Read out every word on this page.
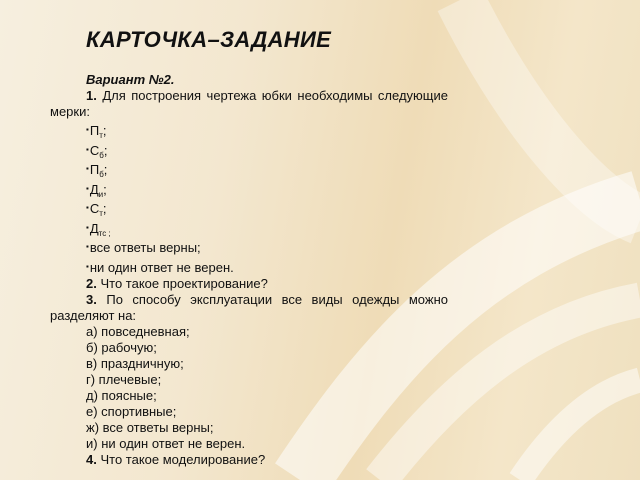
КАРТОЧКА–ЗАДАНИЕ

Вариант №2.

1. Для построения чертежа юбки необходимы следующие мерки:

▪ $П_т$;

▪ $С_б$;

▪ $П_б$;

▪ $Д_и$;

▪ $С_т$;

▪ $Д_{тс ;}$

▪ все ответы верны;

▪ ни один ответ не верен.

2. Что такое проектирование?

3. По способу эксплуатации все виды одежды можно разделяют на:

а) повседневная;

б) рабочую;

в) праздничную;

г) плечевые;

д) поясные;

е) спортивные;

ж) все ответы верны;

и) ни один ответ не верен.

4. Что такое моделирование?
